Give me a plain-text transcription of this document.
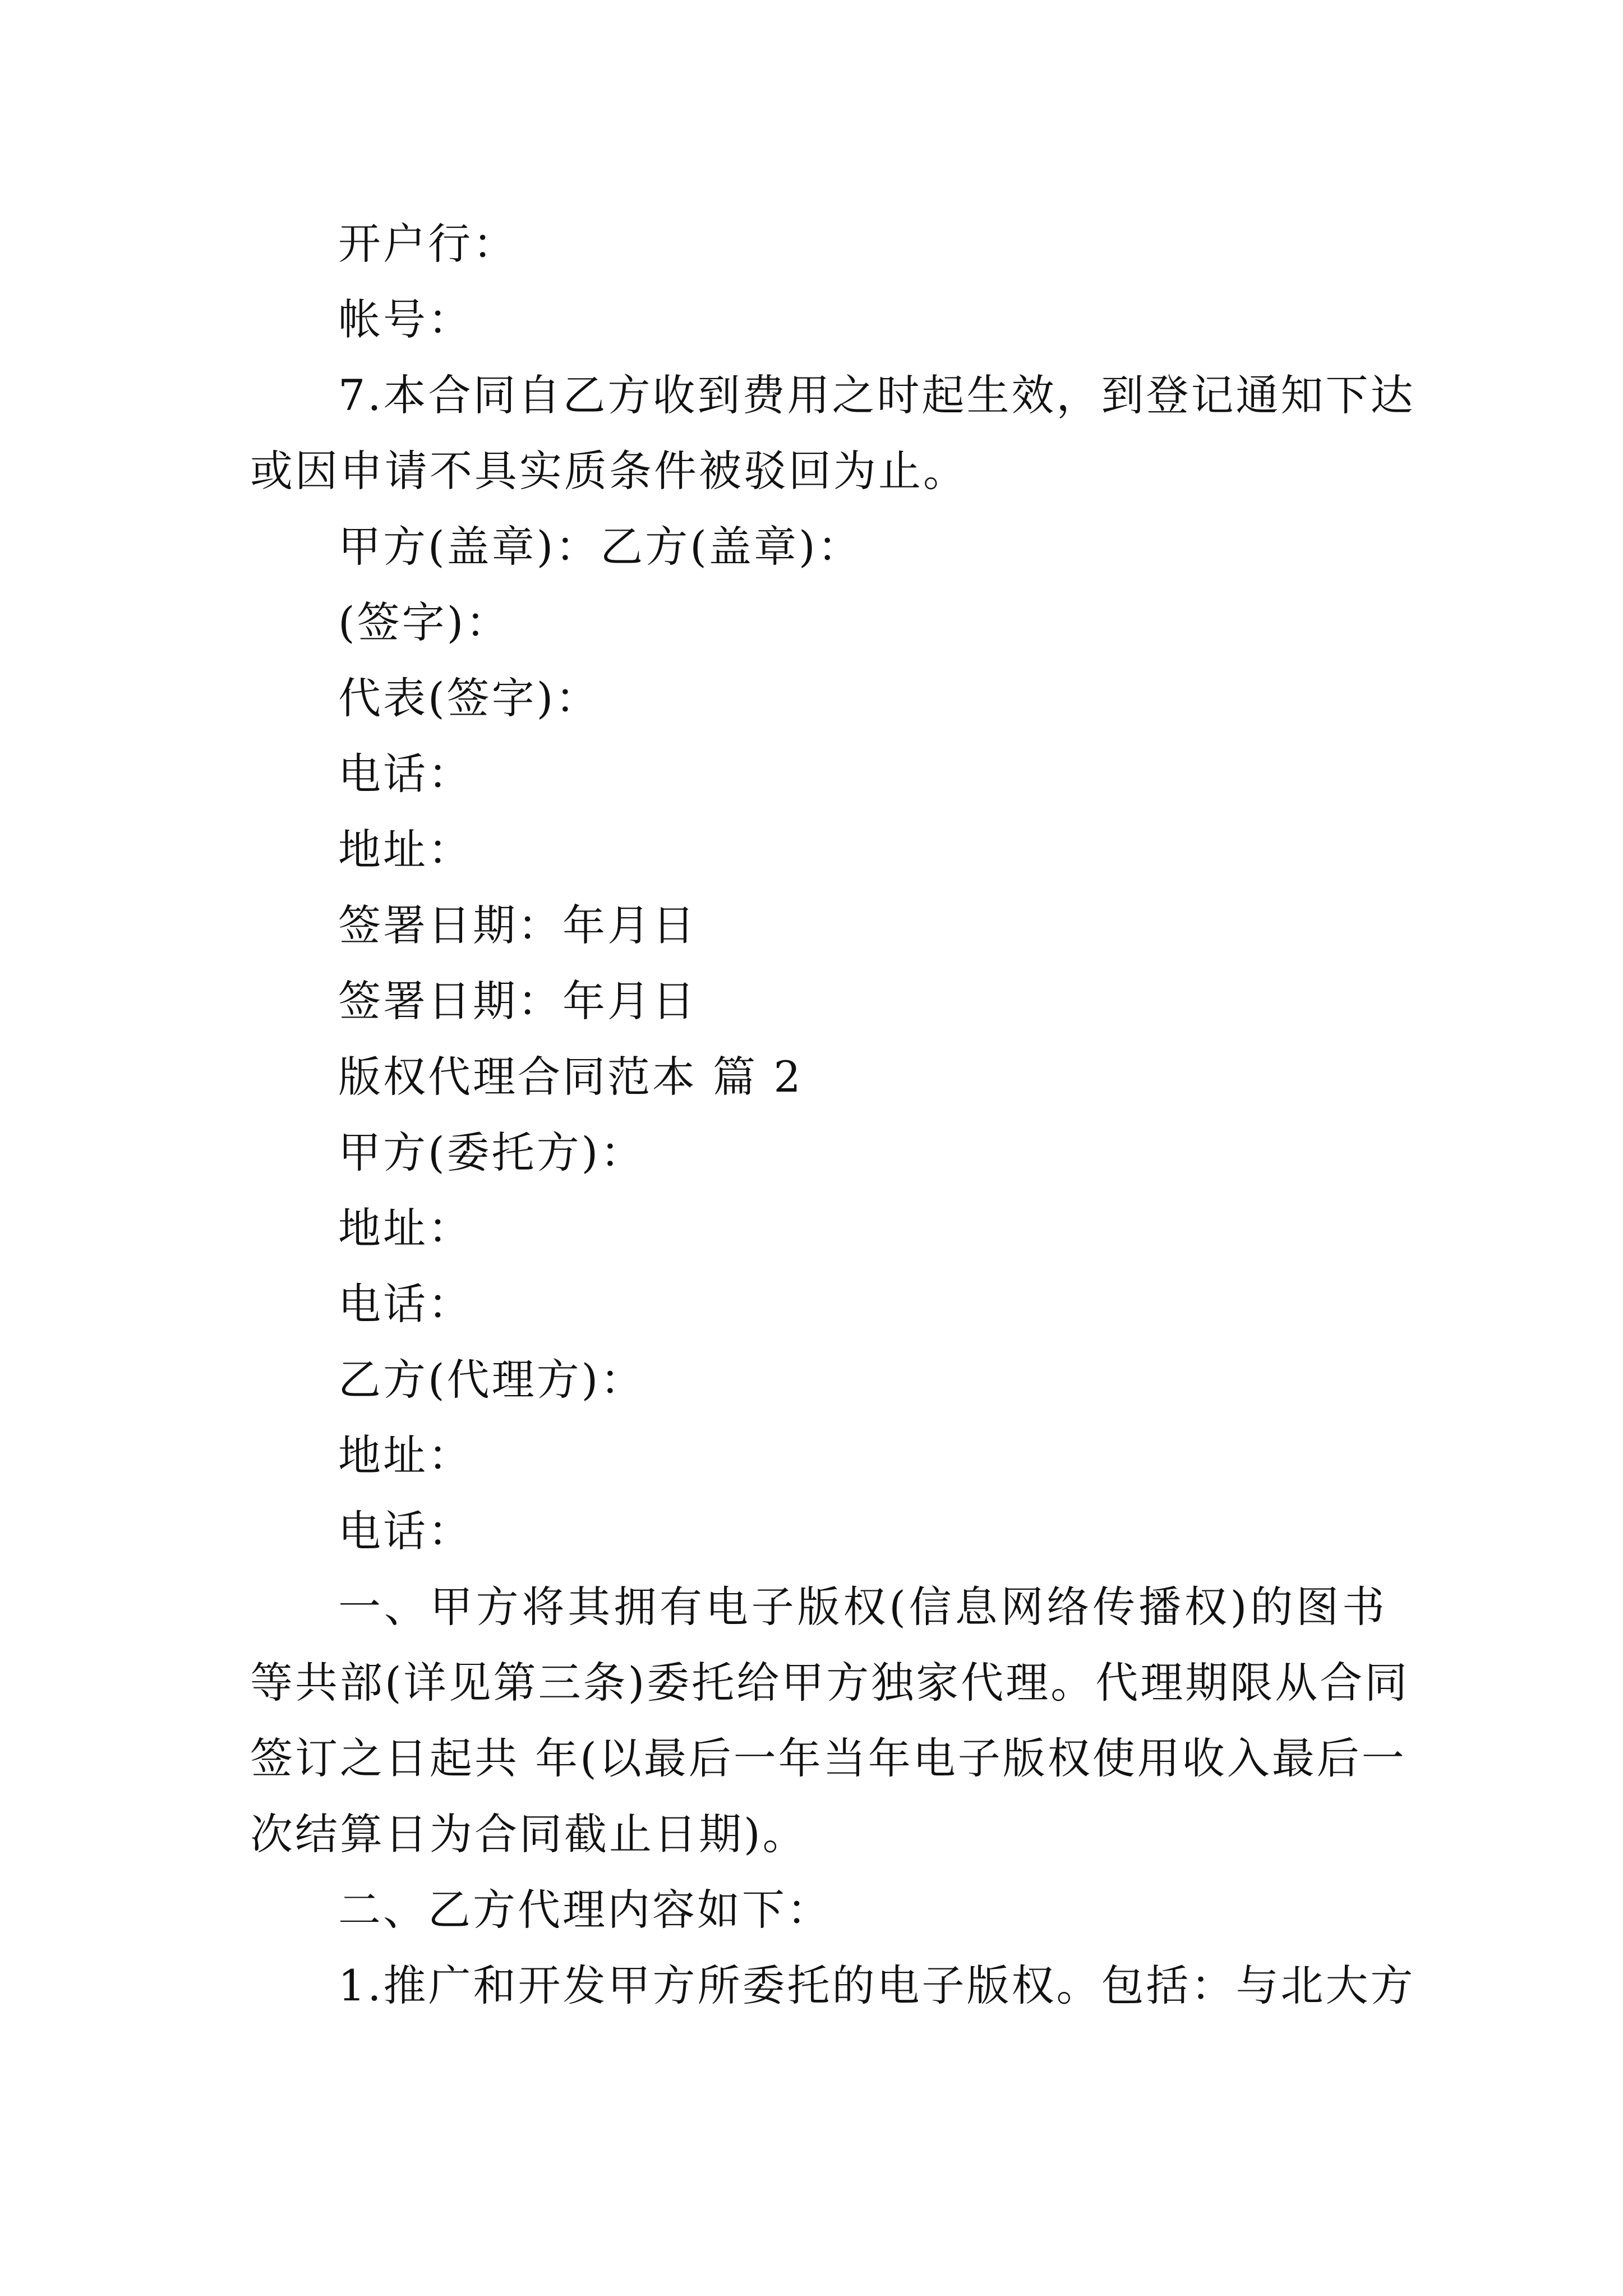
开户行：
帐号：
7.本合同自乙方收到费用之时起生效，到登记通知下达
或因申请不具实质条件被驳回为止。
甲方(盖章)：乙方(盖章)：
(签字)：
代表(签字)：
电话：
地址：
签署日期：年月日
签署日期：年月日
版权代理合同范本 篇 2
甲方(委托方)：
地址：
电话：
乙方(代理方)：
地址：
电话：
一、甲方将其拥有电子版权(信息网络传播权)的图书
等共部(详见第三条)委托给甲方独家代理。代理期限从合同
签订之日起共 年(以最后一年当年电子版权使用收入最后一
次结算日为合同截止日期)。
二、乙方代理内容如下：
1.推广和开发甲方所委托的电子版权。包括：与北大方
